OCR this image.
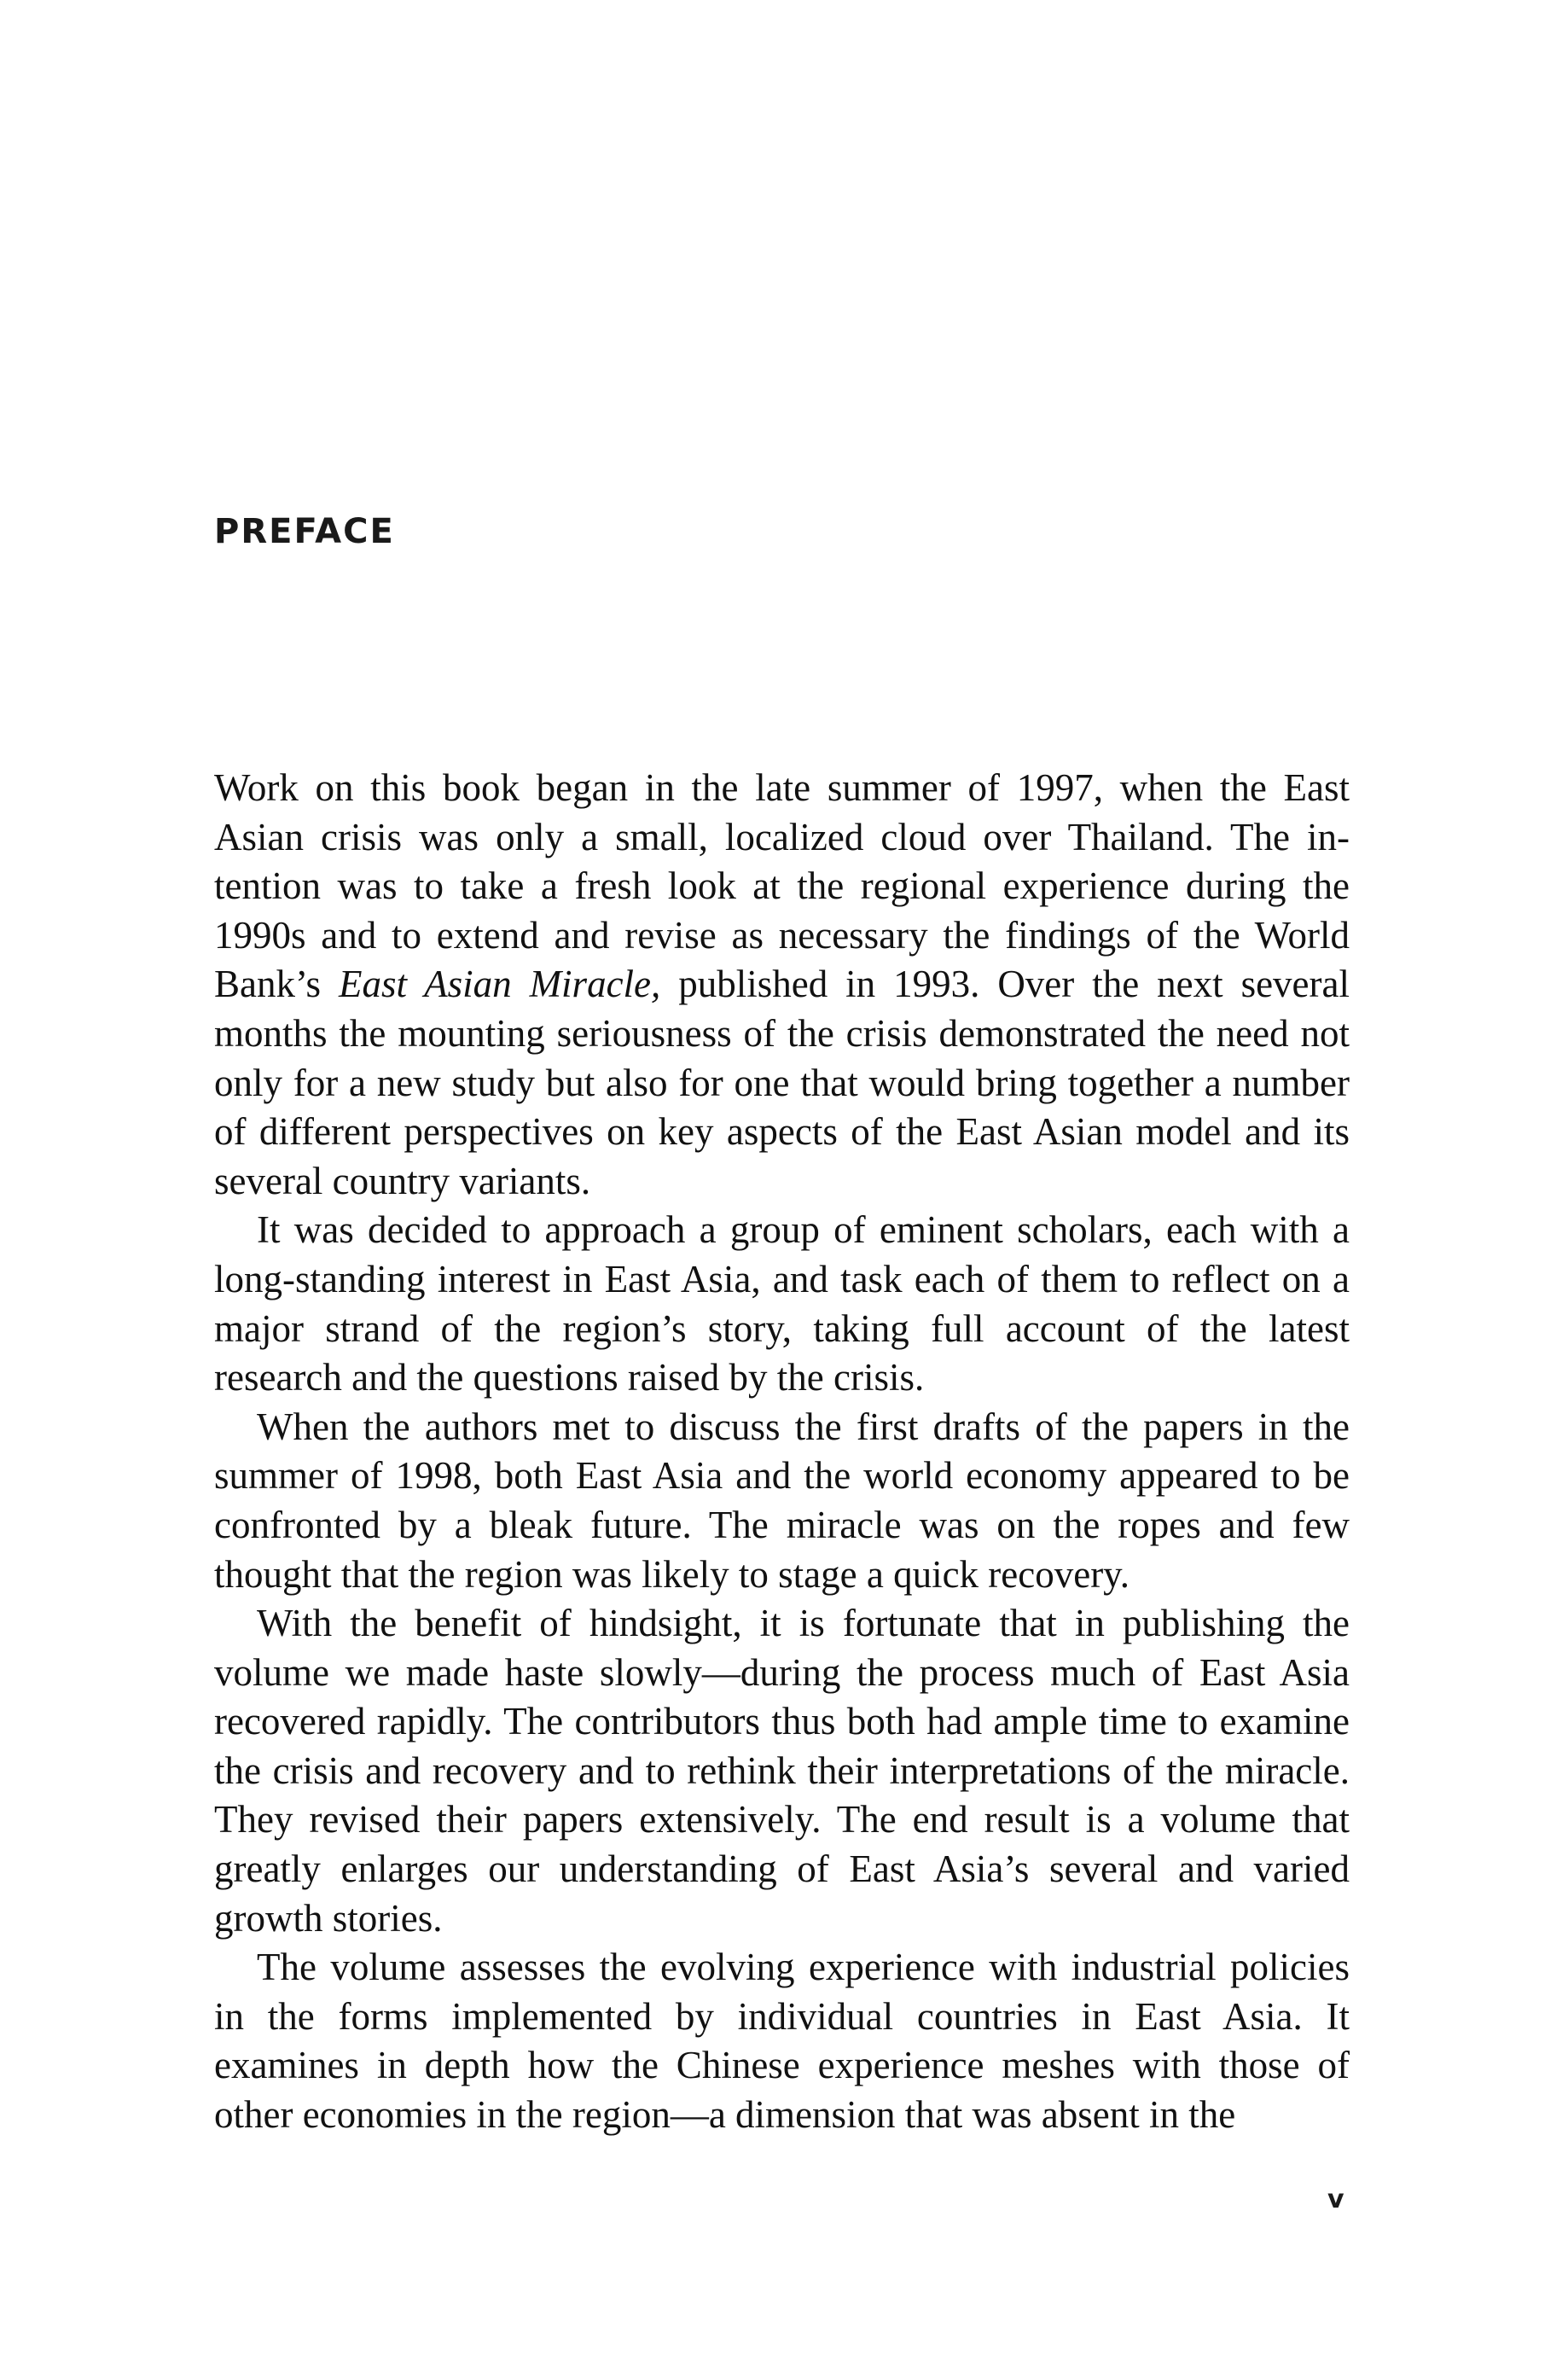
PREFACE

Work on this book began in the late summer of 1997, when the East Asian crisis was only a small, localized cloud over Thailand. The intention was to take a fresh look at the regional experience during the 1990s and to extend and revise as necessary the findings of the World Bank’s East Asian Miracle, published in 1993. Over the next several months the mounting seriousness of the crisis demonstrated the need not only for a new study but also for one that would bring together a number of different perspectives on key aspects of the East Asian model and its several country variants.

It was decided to approach a group of eminent scholars, each with a long-standing interest in East Asia, and task each of them to reflect on a major strand of the region’s story, taking full account of the latest research and the questions raised by the crisis.

When the authors met to discuss the first drafts of the papers in the summer of 1998, both East Asia and the world economy appeared to be confronted by a bleak future. The miracle was on the ropes and few thought that the region was likely to stage a quick recovery.

With the benefit of hindsight, it is fortunate that in publishing the volume we made haste slowly—during the process much of East Asia recovered rapidly. The contributors thus both had ample time to examine the crisis and recovery and to rethink their interpretations of the miracle. They revised their papers extensively. The end result is a volume that greatly enlarges our understanding of East Asia’s several and varied growth stories.

The volume assesses the evolving experience with industrial policies in the forms implemented by individual countries in East Asia. It examines in depth how the Chinese experience meshes with those of other economies in the region—a dimension that was absent in the

v
